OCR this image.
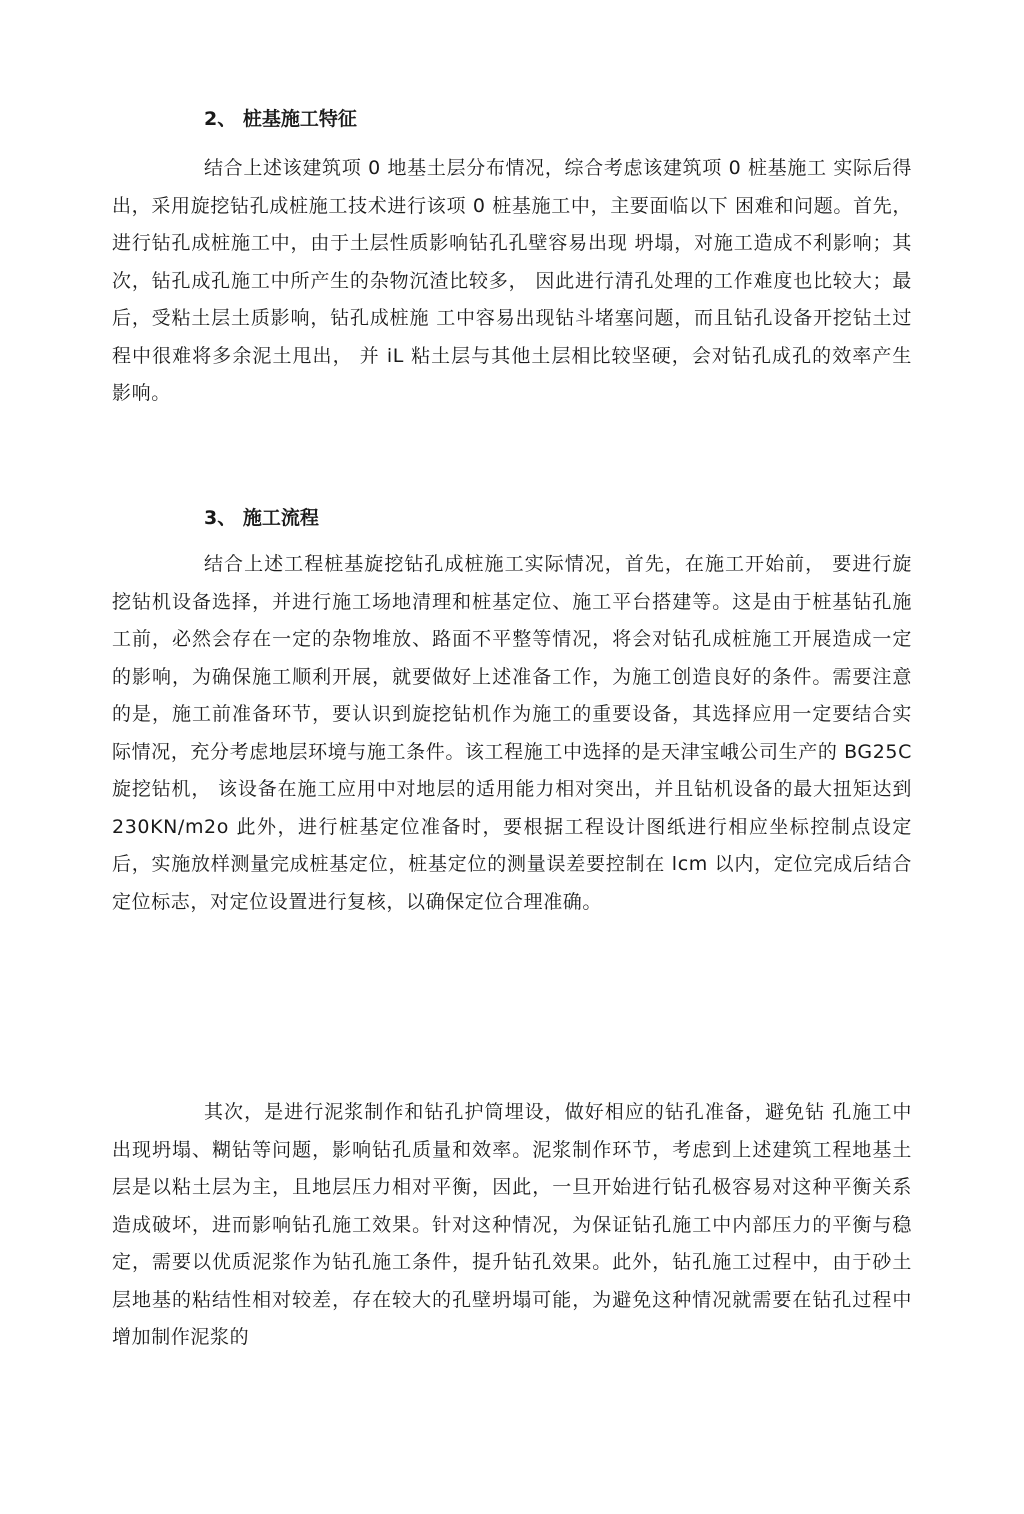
2、 桩基施工特征

结合上述该建筑项 0 地基土层分布情况，综合考虑该建筑项 0 桩基施工 实际后得出，采用旋挖钻孔成桩施工技术进行该项 0 桩基施工中，主要面临以下 困难和问题。首先，进行钻孔成桩施工中，由于土层性质影响钻孔孔壁容易出现 坍塌，对施工造成不利影响；其次，钻孔成孔施工中所产生的杂物沉渣比较多， 因此进行清孔处理的工作难度也比较大；最后，受粘土层土质影响，钻孔成桩施 工中容易出现钻斗堵塞问题，而且钻孔设备开挖钻土过程中很难将多余泥土甩出， 并 iL 粘土层与其他土层相比较坚硬，会对钻孔成孔的效率产生影响。

3、 施工流程

结合上述工程桩基旋挖钻孔成桩施工实际情况，首先，在施工开始前， 要进行旋挖钻机设备选择，并进行施工场地清理和桩基定位、施工平台搭建等。这是由于桩基钻孔施工前，必然会存在一定的杂物堆放、路面不平整等情况，将会对钻孔成桩施工开展造成一定的影响，为确保施工顺利开展，就要做好上述准备工作，为施工创造良好的条件。需要注意的是，施工前准备环节，要认识到旋挖钻机作为施工的重要设备，其选择应用一定要结合实际情况，充分考虑地层环境与施工条件。该工程施工中选择的是天津宝峨公司生产的 BG25C 旋挖钻机， 该设备在施工应用中对地层的适用能力相对突出，并且钻机设备的最大扭矩达到 230KN/m2o 此外，进行桩基定位准备时，要根据工程设计图纸进行相应坐标控制点设定后，实施放样测量完成桩基定位，桩基定位的测量误差要控制在 lcm 以内，定位完成后结合定位标志，对定位设置进行复核，以确保定位合理准确。

其次，是进行泥浆制作和钻孔护筒埋设，做好相应的钻孔准备，避免钻 孔施工中出现坍塌、糊钻等问题，影响钻孔质量和效率。泥浆制作环节，考虑到上述建筑工程地基土层是以粘土层为主，且地层压力相对平衡，因此，一旦开始进行钻孔极容易对这种平衡关系造成破坏，进而影响钻孔施工效果。针对这种情况，为保证钻孔施工中内部压力的平衡与稳定，需要以优质泥浆作为钻孔施工条件，提升钻孔效果。此外，钻孔施工过程中，由于砂土层地基的粘结性相对较差，存在较大的孔壁坍塌可能，为避免这种情况就需要在钻孔过程中增加制作泥浆的
